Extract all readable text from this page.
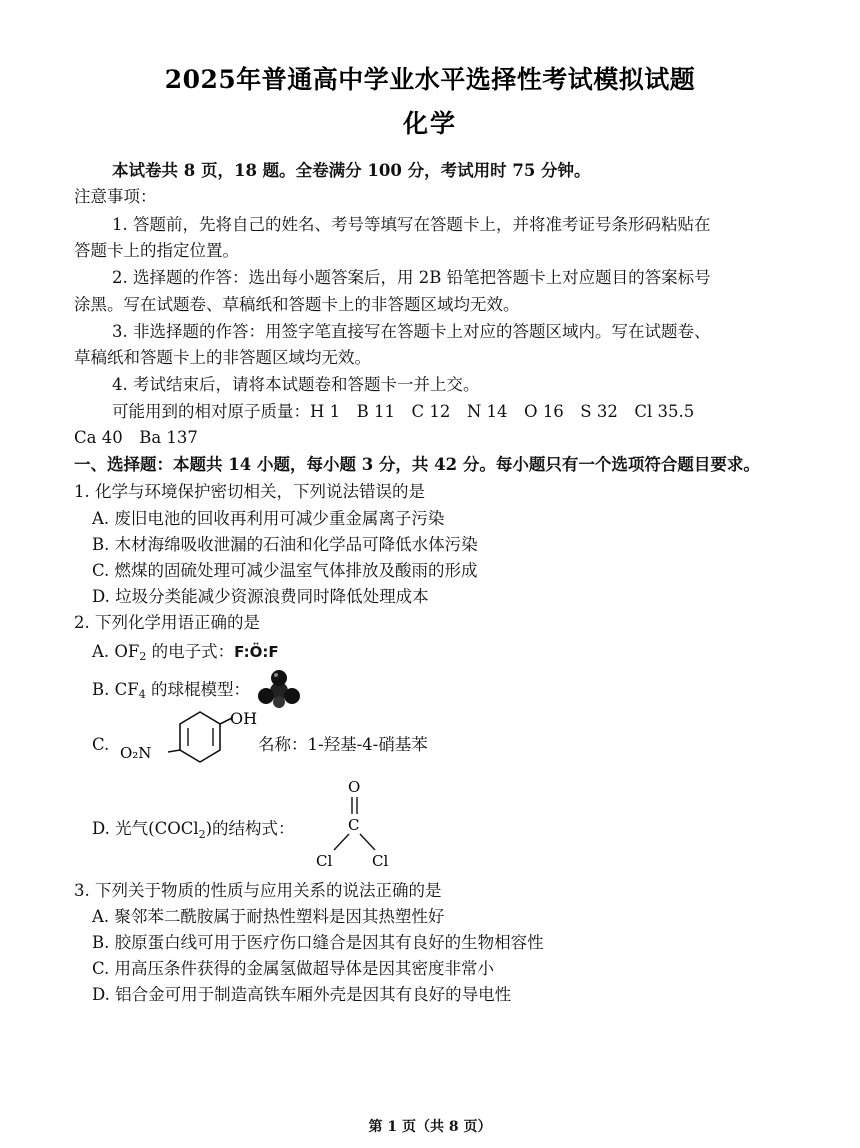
2025年普通高中学业水平选择性考试模拟试题
化学
本试卷共 8 页，18 题。全卷满分 100 分，考试用时 75 分钟。
注意事项：
1. 答题前，先将自己的姓名、考号等填写在答题卡上，并将准考证号条形码粘贴在
答题卡上的指定位置。
2. 选择题的作答：选出每小题答案后，用 2B 铅笔把答题卡上对应题目的答案标号
涂黑。写在试题卷、草稿纸和答题卡上的非答题区域均无效。
3. 非选择题的作答：用签字笔直接写在答题卡上对应的答题区域内。写在试题卷、
草稿纸和答题卡上的非答题区域均无效。
4. 考试结束后，请将本试题卷和答题卡一并上交。
可能用到的相对原子质量：H 1　B 11　C 12　N 14　O 16　S 32　Cl 35.5
Ca 40　Ba 137
一、选择题：本题共 14 小题，每小题 3 分，共 42 分。每小题只有一个选项符合题目要求。
1. 化学与环境保护密切相关，下列说法错误的是
A. 废旧电池的回收再利用可减少重金属离子污染
B. 木材海绵吸收泄漏的石油和化学品可降低水体污染
C. 燃煤的固硫处理可减少温室气体排放及酸雨的形成
D. 垃圾分类能减少资源浪费同时降低处理成本
2. 下列化学用语正确的是
A. $OF_2$ 的电子式：F:Ö:F
B. $CF_4$ 的球棍模型：
C.
OH
O₂N	名称：1-羟基-4-硝基苯
D. 光气(COCl$_2$)的结构式：
O
C
Cl	Cl
3. 下列关于物质的性质与应用关系的说法正确的是
A. 聚邻苯二酰胺属于耐热性塑料是因其热塑性好
B. 胶原蛋白线可用于医疗伤口缝合是因其有良好的生物相容性
C. 用高压条件获得的金属氢做超导体是因其密度非常小
D. 铝合金可用于制造高铁车厢外壳是因其有良好的导电性
第 1 页（共 8 页）
